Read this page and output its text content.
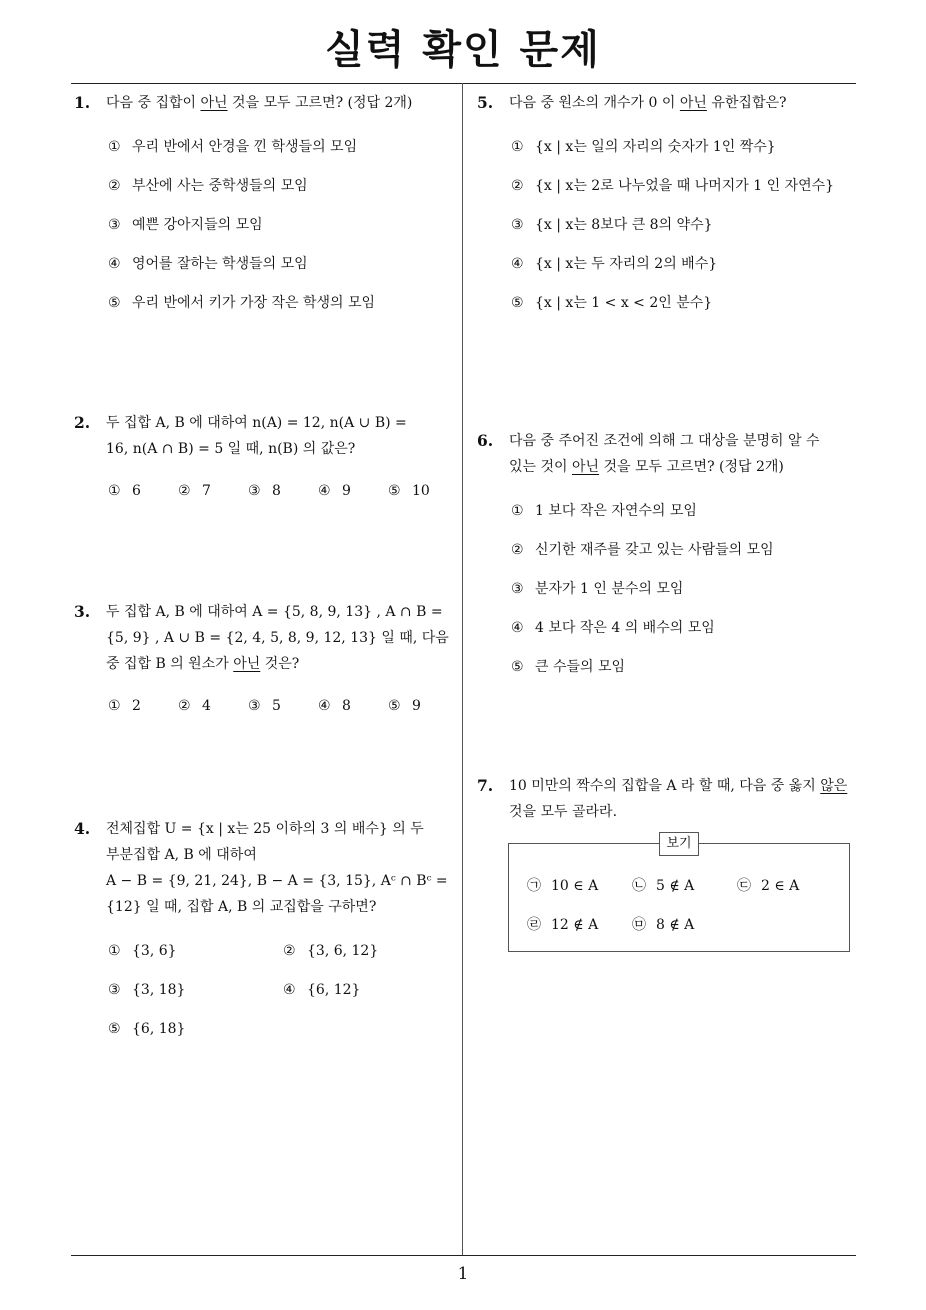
실력 확인 문제
1
1. 다음 중 집합이 아닌 것을 모두 고르면? (정답 2개)
① 우리 반에서 안경을 낀 학생들의 모임
② 부산에 사는 중학생들의 모임
③ 예쁜 강아지들의 모임
④ 영어를 잘하는 학생들의 모임
⑤ 우리 반에서 키가 가장 작은 학생의 모임
2. 두 집합 A, B 에 대하여 n(A) = 12, n(A ∪ B) =
16, n(A ∩ B) = 5 일 때, n(B) 의 값은?
① 6	② 7	③ 8	④ 9	⑤ 10
3. 두 집합 A, B 에 대하여 A = {5, 8, 9, 13} , A ∩ B =
{5, 9} , A ∪ B = {2, 4, 5, 8, 9, 12, 13} 일 때, 다음
중 집합 B 의 원소가 아닌 것은?
① 2	② 4	③ 5	④ 8	⑤ 9
4. 전체집합 U = {x | x는 25 이하의 3 의 배수} 의 두
부분집합 A, B 에 대하여
A − B = {9, 21, 24}, B − A = {3, 15}, Aᶜ ∩ Bᶜ =
{12} 일 때, 집합 A, B 의 교집합을 구하면?
① {3, 6}	② {3, 6, 12}
③ {3, 18}	④ {6, 12}
⑤ {6, 18}
5. 다음 중 원소의 개수가 0 이 아닌 유한집합은?
① {x | x는 일의 자리의 숫자가 1인 짝수}
② {x | x는 2로 나누었을 때 나머지가 1 인 자연수}
③ {x | x는 8보다 큰 8의 약수}
④ {x | x는 두 자리의 2의 배수}
⑤ {x | x는 1 < x < 2인 분수}
6. 다음 중 주어진 조건에 의해 그 대상을 분명히 알 수
있는 것이 아닌 것을 모두 고르면? (정답 2개)
① 1 보다 작은 자연수의 모임
② 신기한 재주를 갖고 있는 사람들의 모임
③ 분자가 1 인 분수의 모임
④ 4 보다 작은 4 의 배수의 모임
⑤ 큰 수들의 모임
7. 10 미만의 짝수의 집합을 A 라 할 때, 다음 중 옳지 않은
것을 모두 골라라.
보기
㉠ 10 ∈ A ㉡ 5 ∉ A	㉢ 2 ∈ A
㉣ 12 ∉ A ㉤ 8 ∉ A
